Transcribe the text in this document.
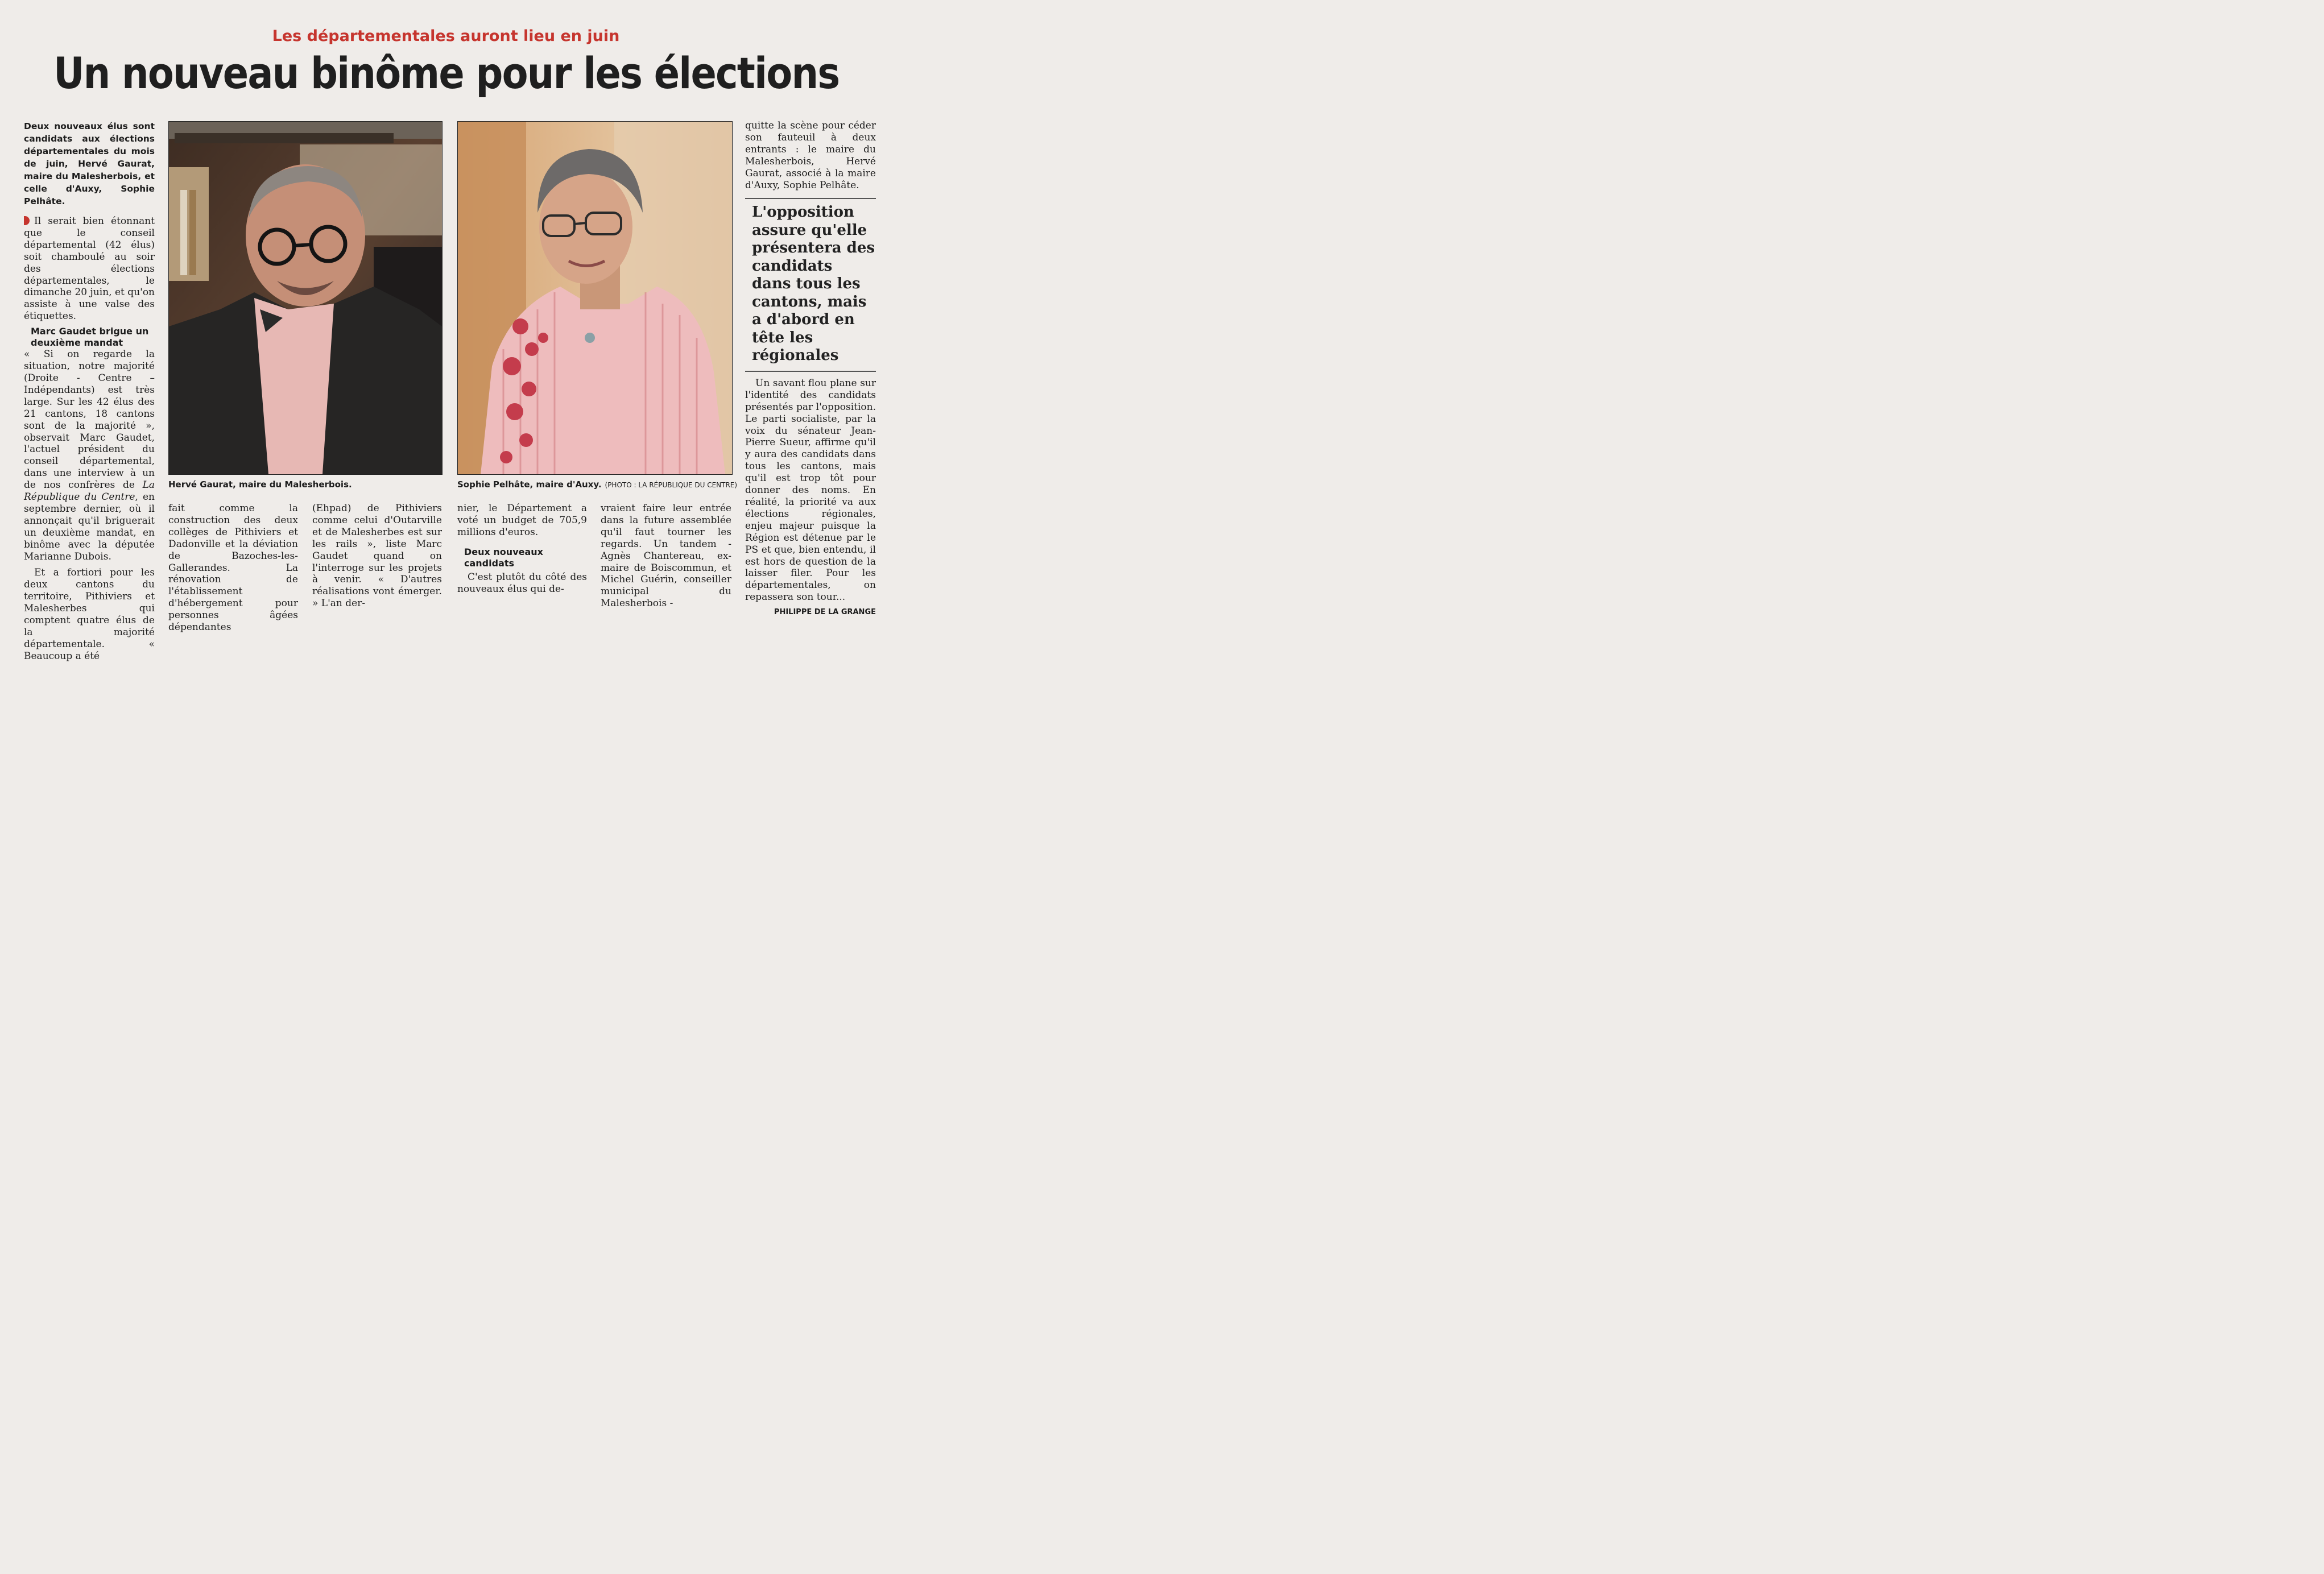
Les départementales auront lieu en juin
Un nouveau binôme pour les élections

Deux nouveaux élus sont candidats aux élections départementales du mois de juin, Hervé Gaurat, maire du Malesherbois, et celle d'Auxy, Sophie Pelhâte.

Il serait bien étonnant que le conseil départemental (42 élus) soit chamboulé au soir des élections départementales, le dimanche 20 juin, et qu'on assiste à une valse des étiquettes.

Marc Gaudet brigue un deuxième mandat

« Si on regarde la situation, notre majorité (Droite - Centre – Indépendants) est très large. Sur les 42 élus des 21 cantons, 18 cantons sont de la majorité », observait Marc Gaudet, l'actuel président du conseil départemental, dans une interview à un de nos confrères de La République du Centre, en septembre dernier, où il annonçait qu'il briguerait un deuxième mandat, en binôme avec la députée Marianne Dubois.

Et a fortiori pour les deux cantons du territoire, Pithiviers et Malesherbes qui comptent quatre élus de la majorité départementale. « Beaucoup a été

Hervé Gaurat, maire du Malesherbois.	Sophie Pelhâte, maire d'Auxy. (PHOTO : LA RÉPUBLIQUE DU CENTRE)

fait comme la construction des deux collèges de Pithiviers et Dadonville et la déviation de Bazoches-les-Gallerandes. La rénovation de l'établissement d'hébergement pour personnes âgées dépendantes

(Ehpad) de Pithiviers comme celui d'Outarville et de Malesherbes est sur les rails », liste Marc Gaudet quand on l'interroge sur les projets à venir. « D'autres réalisations vont émerger. » L'an der-

nier, le Département a voté un budget de 705,9 millions d'euros.

Deux nouveaux candidats

C'est plutôt du côté des nouveaux élus qui de-

vraient faire leur entrée dans la future assemblée qu'il faut tourner les regards. Un tandem - Agnès Chantereau, ex-maire de Boiscommun, et Michel Guérin, conseiller municipal du Malesherbois -

quitte la scène pour céder son fauteuil à deux entrants : le maire du Malesherbois, Hervé Gaurat, associé à la maire d'Auxy, Sophie Pelhâte.

L'opposition assure qu'elle présentera des candidats dans tous les cantons, mais a d'abord en tête les régionales

Un savant flou plane sur l'identité des candidats présentés par l'opposition. Le parti socialiste, par la voix du sénateur Jean-Pierre Sueur, affirme qu'il y aura des candidats dans tous les cantons, mais qu'il est trop tôt pour donner des noms. En réalité, la priorité va aux élections régionales, enjeu majeur puisque la Région est détenue par le PS et que, bien entendu, il est hors de question de la laisser filer. Pour les départementales, on repassera son tour...

PHILIPPE DE LA GRANGE
